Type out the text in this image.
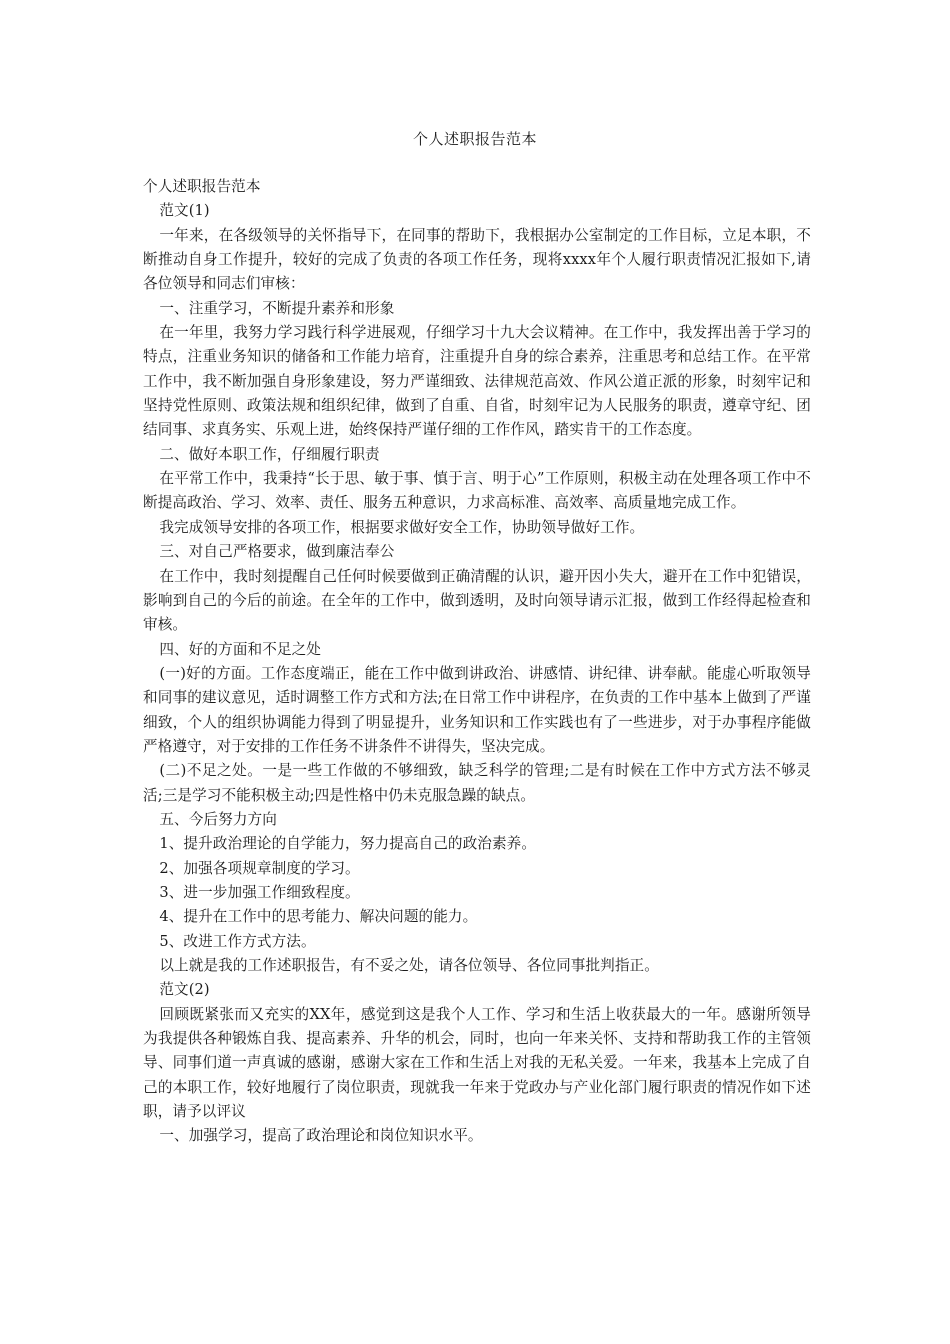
个人述职报告范本

个人述职报告范本

范文(1)

一年来，在各级领导的关怀指导下，在同事的帮助下，我根据办公室制定的工作目标，立足本职，不断推动自身工作提升，较好的完成了负责的各项工作任务，现将xxxx年个人履行职责情况汇报如下,请各位领导和同志们审核：

一、注重学习，不断提升素养和形象

在一年里，我努力学习践行科学进展观，仔细学习十九大会议精神。在工作中，我发挥出善于学习的特点，注重业务知识的储备和工作能力培育，注重提升自身的综合素养，注重思考和总结工作。在平常工作中，我不断加强自身形象建设，努力严谨细致、法律规范高效、作风公道正派的形象，时刻牢记和坚持党性原则、政策法规和组织纪律，做到了自重、自省，时刻牢记为人民服务的职责，遵章守纪、团结同事、求真务实、乐观上进，始终保持严谨仔细的工作作风，踏实肯干的工作态度。

二、做好本职工作，仔细履行职责

在平常工作中，我秉持“长于思、敏于事、慎于言、明于心”工作原则，积极主动在处理各项工作中不断提高政治、学习、效率、责任、服务五种意识，力求高标准、高效率、高质量地完成工作。

我完成领导安排的各项工作，根据要求做好安全工作，协助领导做好工作。

三、对自己严格要求，做到廉洁奉公

在工作中，我时刻提醒自己任何时候要做到正确清醒的认识，避开因小失大，避开在工作中犯错误，影响到自己的今后的前途。在全年的工作中，做到透明，及时向领导请示汇报，做到工作经得起检查和审核。

四、好的方面和不足之处

(一)好的方面。工作态度端正，能在工作中做到讲政治、讲感情、讲纪律、讲奉献。能虚心听取领导和同事的建议意见，适时调整工作方式和方法;在日常工作中讲程序，在负责的工作中基本上做到了严谨细致，个人的组织协调能力得到了明显提升，业务知识和工作实践也有了一些进步，对于办事程序能做严格遵守，对于安排的工作任务不讲条件不讲得失，坚决完成。

(二)不足之处。一是一些工作做的不够细致，缺乏科学的管理;二是有时候在工作中方式方法不够灵活;三是学习不能积极主动;四是性格中仍未克服急躁的缺点。

五、今后努力方向

1、提升政治理论的自学能力，努力提高自己的政治素养。

2、加强各项规章制度的学习。

3、进一步加强工作细致程度。

4、提升在工作中的思考能力、解决问题的能力。

5、改进工作方式方法。

以上就是我的工作述职报告，有不妥之处，请各位领导、各位同事批判指正。

范文(2)

回顾既紧张而又充实的XX年，感觉到这是我个人工作、学习和生活上收获最大的一年。感谢所领导为我提供各种锻炼自我、提高素养、升华的机会，同时，也向一年来关怀、支持和帮助我工作的主管领导、同事们道一声真诚的感谢，感谢大家在工作和生活上对我的无私关爱。一年来，我基本上完成了自己的本职工作，较好地履行了岗位职责，现就我一年来于党政办与产业化部门履行职责的情况作如下述职，请予以评议

一、加强学习，提高了政治理论和岗位知识水平。
